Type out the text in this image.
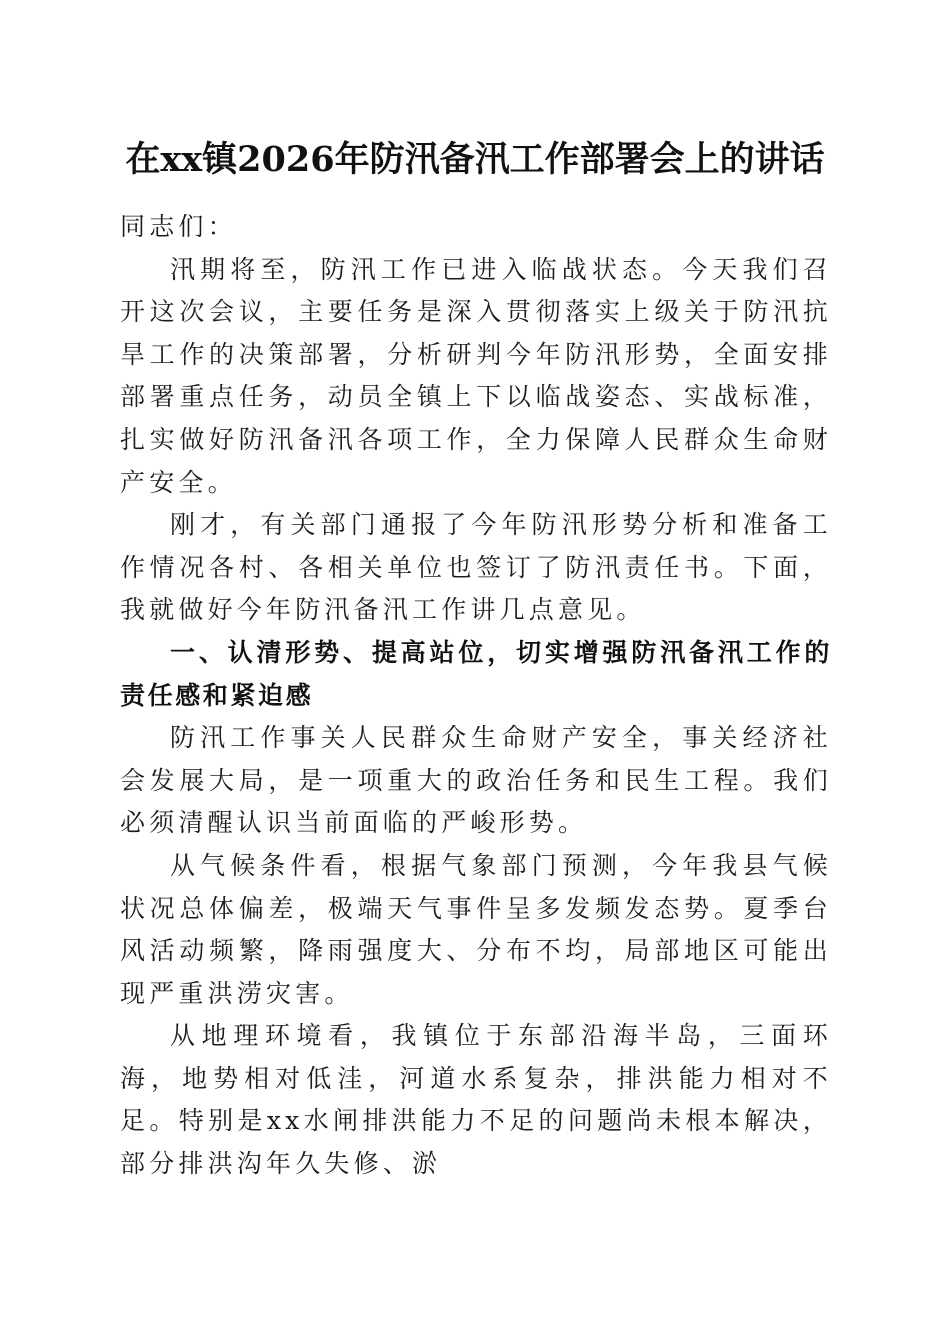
在xx镇2026年防汛备汛工作部署会上的讲话

同志们：

汛期将至，防汛工作已进入临战状态。今天我们召开这次会议，主要任务是深入贯彻落实上级关于防汛抗旱工作的决策部署，分析研判今年防汛形势，全面安排部署重点任务，动员全镇上下以临战姿态、实战标准，扎实做好防汛备汛各项工作，全力保障人民群众生命财产安全。

刚才，有关部门通报了今年防汛形势分析和准备工作情况各村、各相关单位也签订了防汛责任书。下面，我就做好今年防汛备汛工作讲几点意见。

一、认清形势、提高站位，切实增强防汛备汛工作的责任感和紧迫感

防汛工作事关人民群众生命财产安全，事关经济社会发展大局，是一项重大的政治任务和民生工程。我们必须清醒认识当前面临的严峻形势。

从气候条件看，根据气象部门预测，今年我县气候状况总体偏差，极端天气事件呈多发频发态势。夏季台风活动频繁，降雨强度大、分布不均，局部地区可能出现严重洪涝灾害。

从地理环境看，我镇位于东部沿海半岛，三面环海，地势相对低洼，河道水系复杂，排洪能力相对不足。特别是xx水闸排洪能力不足的问题尚未根本解决，部分排洪沟年久失修、淤
